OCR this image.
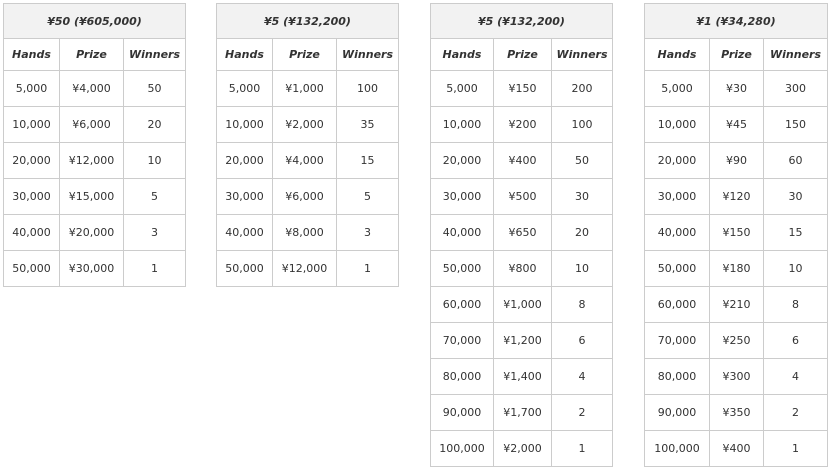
¥50 (¥605,000)		
Hands	Prize	Winners
5,000	¥4,000	50
10,000	¥6,000	20
20,000	¥12,000	10
30,000	¥15,000	5
40,000	¥20,000	3
50,000	¥30,000	1
¥5 (¥132,200)		
Hands	Prize	Winners
5,000	¥1,000	100
10,000	¥2,000	35
20,000	¥4,000	15
30,000	¥6,000	5
40,000	¥8,000	3
50,000	¥12,000	1
¥5 (¥132,200)		
Hands	Prize	Winners
5,000	¥150	200
10,000	¥200	100
20,000	¥400	50
30,000	¥500	30
40,000	¥650	20
50,000	¥800	10
60,000	¥1,000	8
70,000	¥1,200	6
80,000	¥1,400	4
90,000	¥1,700	2
100,000	¥2,000	1
¥1 (¥34,280)		
Hands	Prize	Winners
5,000	¥30	300
10,000	¥45	150
20,000	¥90	60
30,000	¥120	30
40,000	¥150	15
50,000	¥180	10
60,000	¥210	8
70,000	¥250	6
80,000	¥300	4
90,000	¥350	2
100,000	¥400	1
